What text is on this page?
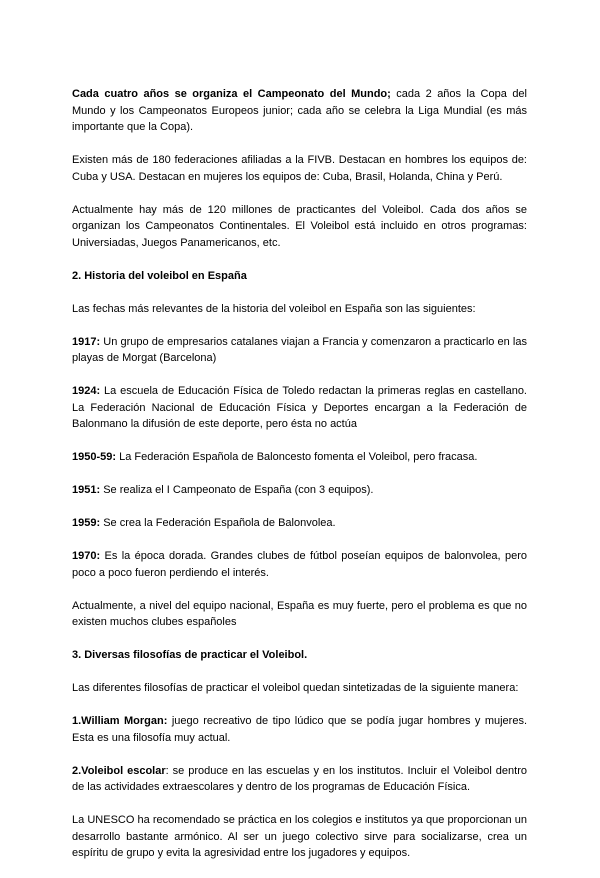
Cada cuatro años se organiza el Campeonato del Mundo; cada 2 años la Copa del Mundo y los Campeonatos Europeos junior; cada año se celebra la Liga Mundial (es más importante que la Copa).

Existen más de 180 federaciones afiliadas a la FIVB. Destacan en hombres los equipos de: Cuba y USA. Destacan en mujeres los equipos de: Cuba, Brasil, Holanda, China y Perú.

Actualmente hay más de 120 millones de practicantes del Voleibol. Cada dos años se organizan los Campeonatos Continentales. El Voleibol está incluido en otros programas: Universiadas, Juegos Panamericanos, etc.

2. Historia del voleibol en España

Las fechas más relevantes de la historia del voleibol en España son las siguientes:

1917: Un grupo de empresarios catalanes viajan a Francia y comenzaron a practicarlo en las playas de Morgat (Barcelona)

1924: La escuela de Educación Física de Toledo redactan la primeras reglas en castellano. La Federación Nacional de Educación Física y Deportes encargan a la Federación de Balonmano la difusión de este deporte, pero ésta no actúa

1950-59: La Federación Española de Baloncesto fomenta el Voleibol, pero fracasa.

1951: Se realiza el I Campeonato de España (con 3 equipos).

1959: Se crea la Federación Española de Balonvolea.

1970: Es la época dorada. Grandes clubes de fútbol poseían equipos de balonvolea, pero poco a poco fueron perdiendo el interés.

Actualmente, a nivel del equipo nacional, España es muy fuerte, pero el problema es que no existen muchos clubes españoles

3. Diversas filosofías de practicar el Voleibol.

Las diferentes filosofías de practicar el voleibol quedan sintetizadas de la siguiente manera:

1.William Morgan: juego recreativo de tipo lúdico que se podía jugar hombres y mujeres. Esta es una filosofía muy actual.

2.Voleibol escolar: se produce en las escuelas y en los institutos. Incluir el Voleibol dentro de las actividades extraescolares y dentro de los programas de Educación Física.

La UNESCO ha recomendado se práctica en los colegios e institutos ya que proporcionan un desarrollo bastante armónico. Al ser un juego colectivo sirve para socializarse, crea un espíritu de grupo y evita la agresividad entre los jugadores y equipos.
